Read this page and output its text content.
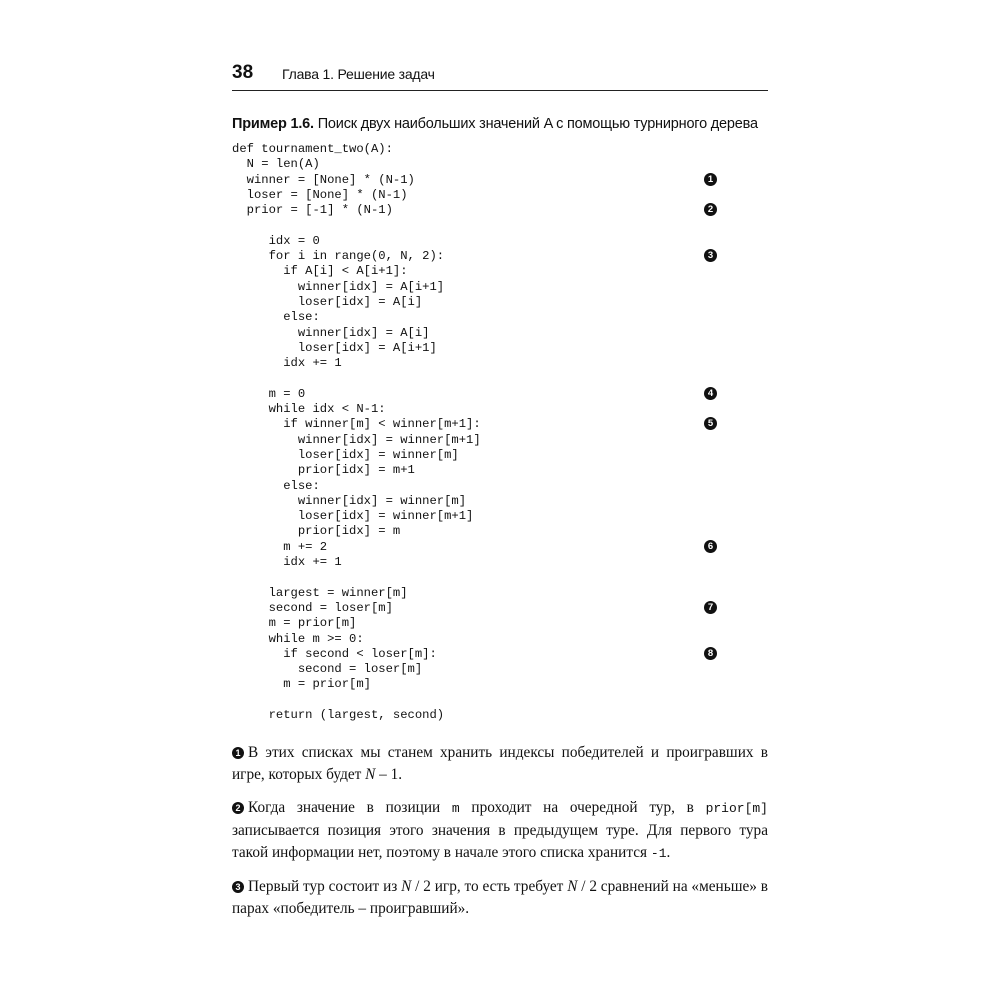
38 Глава 1. Решение задач
Пример 1.6. Поиск двух наибольших значений A с помощью турнирного дерева
def tournament_two(A):
N = len(A)
winner = [None] * (N-1)	1
loser = [None] * (N-1)
prior = [-1] * (N-1)	2
idx = 0
for i in range(0, N, 2):	3
if A[i] < A[i+1]:
winner[idx] = A[i+1]
loser[idx] = A[i]
else:
winner[idx] = A[i]
loser[idx] = A[i+1]
idx += 1
m = 0	4
while idx < N-1:
if winner[m] < winner[m+1]:	5
winner[idx] = winner[m+1]
loser[idx] = winner[m]
prior[idx] = m+1
else:
winner[idx] = winner[m]
loser[idx] = winner[m+1]
prior[idx] = m
m += 2	6
idx += 1
largest = winner[m]
second = loser[m]	7
m = prior[m]
while m >= 0:
if second < loser[m]:	8
second = loser[m]
m = prior[m]
return (largest, second)

1 В этих списках мы станем хранить индексы победителей и проигравших в игре, которых будет N – 1.

2 Когда значение в позиции m проходит на очередной тур, в prior[m] записывается позиция этого значения в предыдущем туре. Для первого тура такой информации нет, поэтому в начале этого списка хранится -1.

3 Первый тур состоит из N / 2 игр, то есть требует N / 2 сравнений на «меньше» в парах «победитель – проигравший».
